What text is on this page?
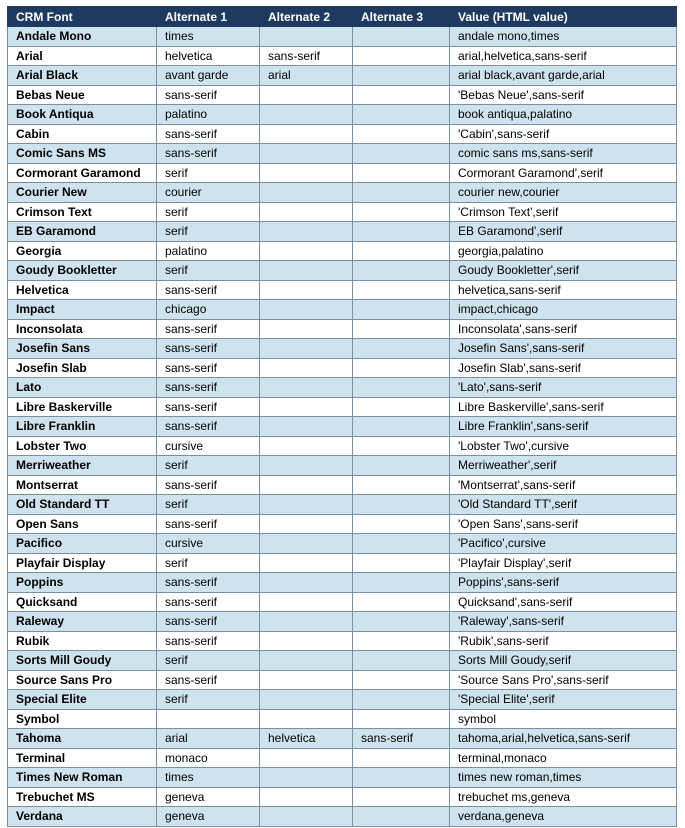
CRM Font	Alternate 1	Alternate 2	Alternate 3	Value (HTML value)
Andale Mono	times			andale mono,times
Arial	helvetica	sans-serif		arial,helvetica,sans-serif
Arial Black	avant garde	arial		arial black,avant garde,arial
Bebas Neue	sans-serif			'Bebas Neue',sans-serif
Book Antiqua	palatino			book antiqua,palatino
Cabin	sans-serif			'Cabin',sans-serif
Comic Sans MS	sans-serif			comic sans ms,sans-serif
Cormorant Garamond	serif			Cormorant Garamond',serif
Courier New	courier			courier new,courier
Crimson Text	serif			'Crimson Text',serif
EB Garamond	serif			EB Garamond',serif
Georgia	palatino			georgia,palatino
Goudy Bookletter	serif			Goudy Bookletter',serif
Helvetica	sans-serif			helvetica,sans-serif
Impact	chicago			impact,chicago
Inconsolata	sans-serif			Inconsolata',sans-serif
Josefin Sans	sans-serif			Josefin Sans',sans-serif
Josefin Slab	sans-serif			Josefin Slab',sans-serif
Lato	sans-serif			'Lato',sans-serif
Libre Baskerville	sans-serif			Libre Baskerville',sans-serif
Libre Franklin	sans-serif			Libre Franklin',sans-serif
Lobster Two	cursive			'Lobster Two',cursive
Merriweather	serif			Merriweather',serif
Montserrat	sans-serif			'Montserrat',sans-serif
Old Standard TT	serif			'Old Standard TT',serif
Open Sans	sans-serif			'Open Sans',sans-serif
Pacifico	cursive			'Pacifico',cursive
Playfair Display	serif			'Playfair Display',serif
Poppins	sans-serif			Poppins',sans-serif
Quicksand	sans-serif			Quicksand',sans-serif
Raleway	sans-serif			'Raleway',sans-serif
Rubik	sans-serif			'Rubik',sans-serif
Sorts Mill Goudy	serif			Sorts Mill Goudy,serif
Source Sans Pro	sans-serif			'Source Sans Pro',sans-serif
Special Elite	serif			'Special Elite',serif
Symbol				symbol
Tahoma	arial	helvetica	sans-serif	tahoma,arial,helvetica,sans-serif
Terminal	monaco			terminal,monaco
Times New Roman	times			times new roman,times
Trebuchet MS	geneva			trebuchet ms,geneva
Verdana	geneva			verdana,geneva
